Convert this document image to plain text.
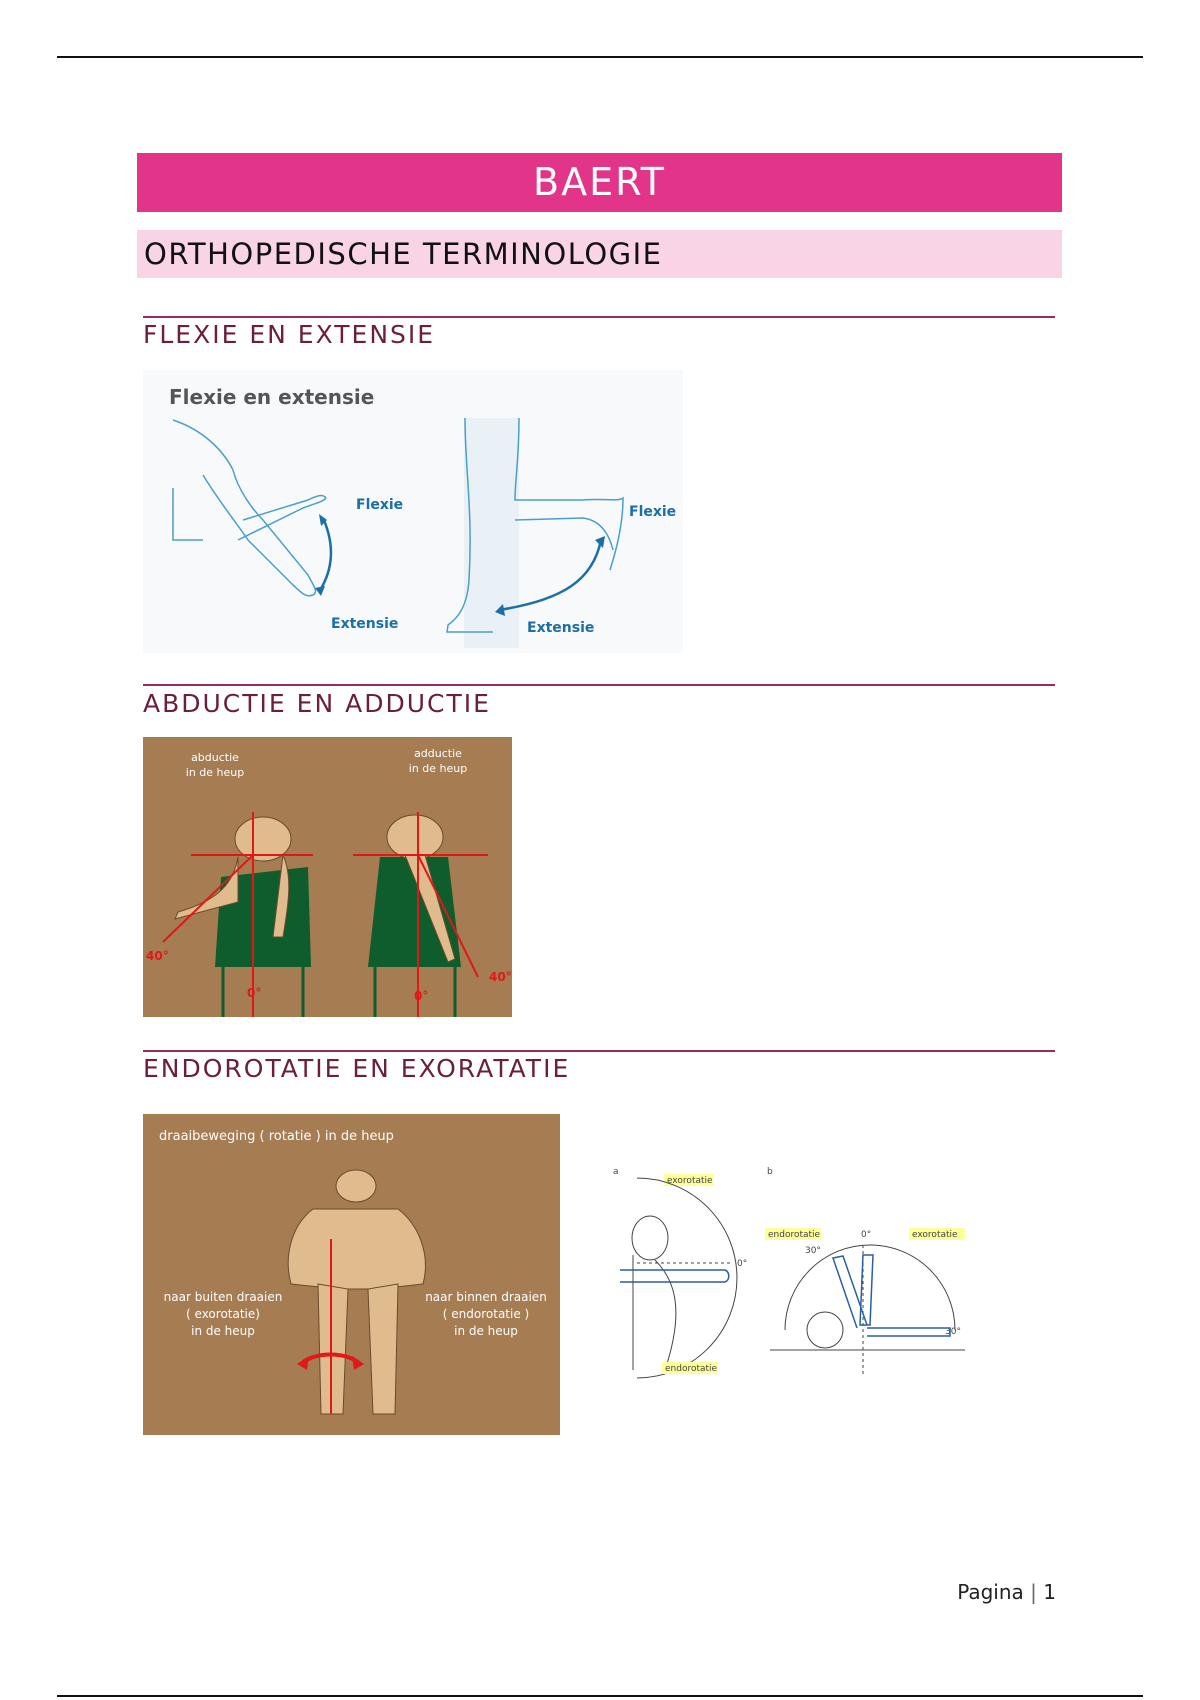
BAERT
ORTHOPEDISCHE TERMINOLOGIE
FLEXIE EN EXTENSIE
Flexie en extensie
Flexie
Extensie
Flexie
Extensie
ABDUCTIE EN ADDUCTIE
abductie
in de heup
adductie
in de heup
40°
0°	0°
40°
ENDOROTATIE EN EXORATATIE
draaibeweging ( rotatie ) in de heup
naar buiten draaien
( exorotatie)
in de heup
naar binnen draaien
( endorotatie )
in de heup
a
exorotatie
0°
endorotatie
b
endorotatie	0°	exorotatie
30°
30°
Pagina | 1
